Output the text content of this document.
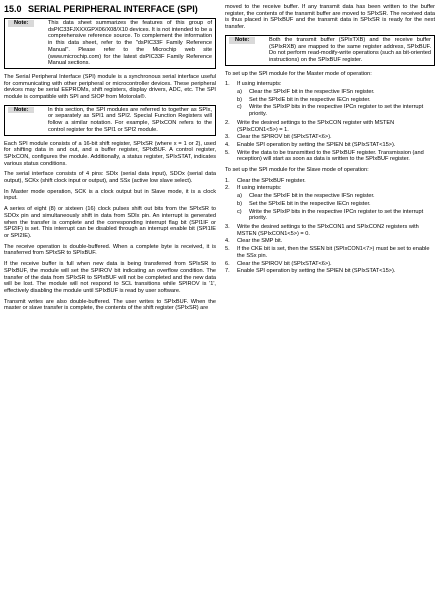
15.0 SERIAL PERIPHERAL INTERFACE (SPI)
Note:	This data sheet summarizes the features of this group of dsPIC33FJXXXGPX06/X08/X10 devices. It is not intended to be a comprehensive reference source. To complement the information in this data sheet, refer to the "dsPIC33F Family Reference Manual". Please refer to the Microchip web site (www.microchip.com) for the latest dsPIC33F Family Reference Manual sections.

The Serial Peripheral Interface (SPI) module is a synchronous serial interface useful for communicating with other peripheral or microcontroller devices. These peripheral devices may be serial EEPROMs, shift registers, display drivers, ADC, etc. The SPI module is compatible with SPI and SIOP from Motorola®.

Note:	In this section, the SPI modules are referred to together as SPIx, or separately as SPI1 and SPI2. Special Function Registers will follow a similar notation. For example, SPIxCON refers to the control register for the SPI1 or SPI2 module.

Each SPI module consists of a 16-bit shift register, SPIxSR (where x = 1 or 2), used for shifting data in and out, and a buffer register, SPIxBUF. A control register, SPIxCON, configures the module. Additionally, a status register, SPIxSTAT, indicates various status conditions.

The serial interface consists of 4 pins: SDIx (serial data input), SDOx (serial data output), SCKx (shift clock input or output), and SSx (active low slave select).

In Master mode operation, SCK is a clock output but in Slave mode, it is a clock input.

A series of eight (8) or sixteen (16) clock pulses shift out bits from the SPIxSR to SDOx pin and simultaneously shift in data from SDIx pin. An interrupt is generated when the transfer is complete and the corresponding interrupt flag bit (SPI1IF or SPI2IF) is set. This interrupt can be disabled through an interrupt enable bit (SPI1IE or SPI2IE).

The receive operation is double-buffered. When a complete byte is received, it is transferred from SPIxSR to SPIxBUF.

If the receive buffer is full when new data is being transferred from SPIxSR to SPIxBUF, the module will set the SPIROV bit indicating an overflow condition. The transfer of the data from SPIxSR to SPIxBUF will not be completed and the new data will be lost. The module will not respond to SCL transitions while SPIROV is '1', effectively disabling the module until SPIxBUF is read by user software.

Transmit writes are also double-buffered. The user writes to SPIxBUF. When the master or slave transfer is complete, the contents of the shift register (SPIxSR) are

moved to the receive buffer. If any transmit data has been written to the buffer register, the contents of the transmit buffer are moved to SPIxSR. The received data is thus placed in SPIxBUF and the transmit data in SPIxSR is ready for the next transfer.

Note:	Both the transmit buffer (SPIxTXB) and the receive buffer (SPIxRXB) are mapped to the same register address, SPIxBUF. Do not perform read-modify-write operations (such as bit-oriented instructions) on the SPIxBUF register.

To set up the SPI module for the Master mode of operation:

1.	If using interrupts:
a)	Clear the SPIxIF bit in the respective IFSn register.
b)	Set the SPIxIE bit in the respective IECn register.
c)	Write the SPIxIP bits in the respective IPCn register to set the interrupt priority.
2.	Write the desired settings to the SPIxCON register with MSTEN (SPIxCON1<5>) = 1.
3.	Clear the SPIROV bit (SPIxSTAT<6>).
4.	Enable SPI operation by setting the SPIEN bit (SPIxSTAT<15>).
5.	Write the data to be transmitted to the SPIxBUF register. Transmission (and reception) will start as soon as data is written to the SPIxBUF register.

To set up the SPI module for the Slave mode of operation:

1.	Clear the SPIxBUF register.
2.	If using interrupts:
a)	Clear the SPIxIF bit in the respective IFSn register.
b)	Set the SPIxIE bit in the respective IECn register.
c)	Write the SPIxIP bits in the respective IPCn register to set the interrupt priority.
3.	Write the desired settings to the SPIxCON1 and SPIxCON2 registers with MSTEN (SPIxCON1<5>) = 0.
4.	Clear the SMP bit.
5.	If the CKE bit is set, then the SSEN bit (SPIxCON1<7>) must be set to enable the SSx pin.
6.	Clear the SPIROV bit (SPIxSTAT<6>).
7.	Enable SPI operation by setting the SPIEN bit (SPIxSTAT<15>).
